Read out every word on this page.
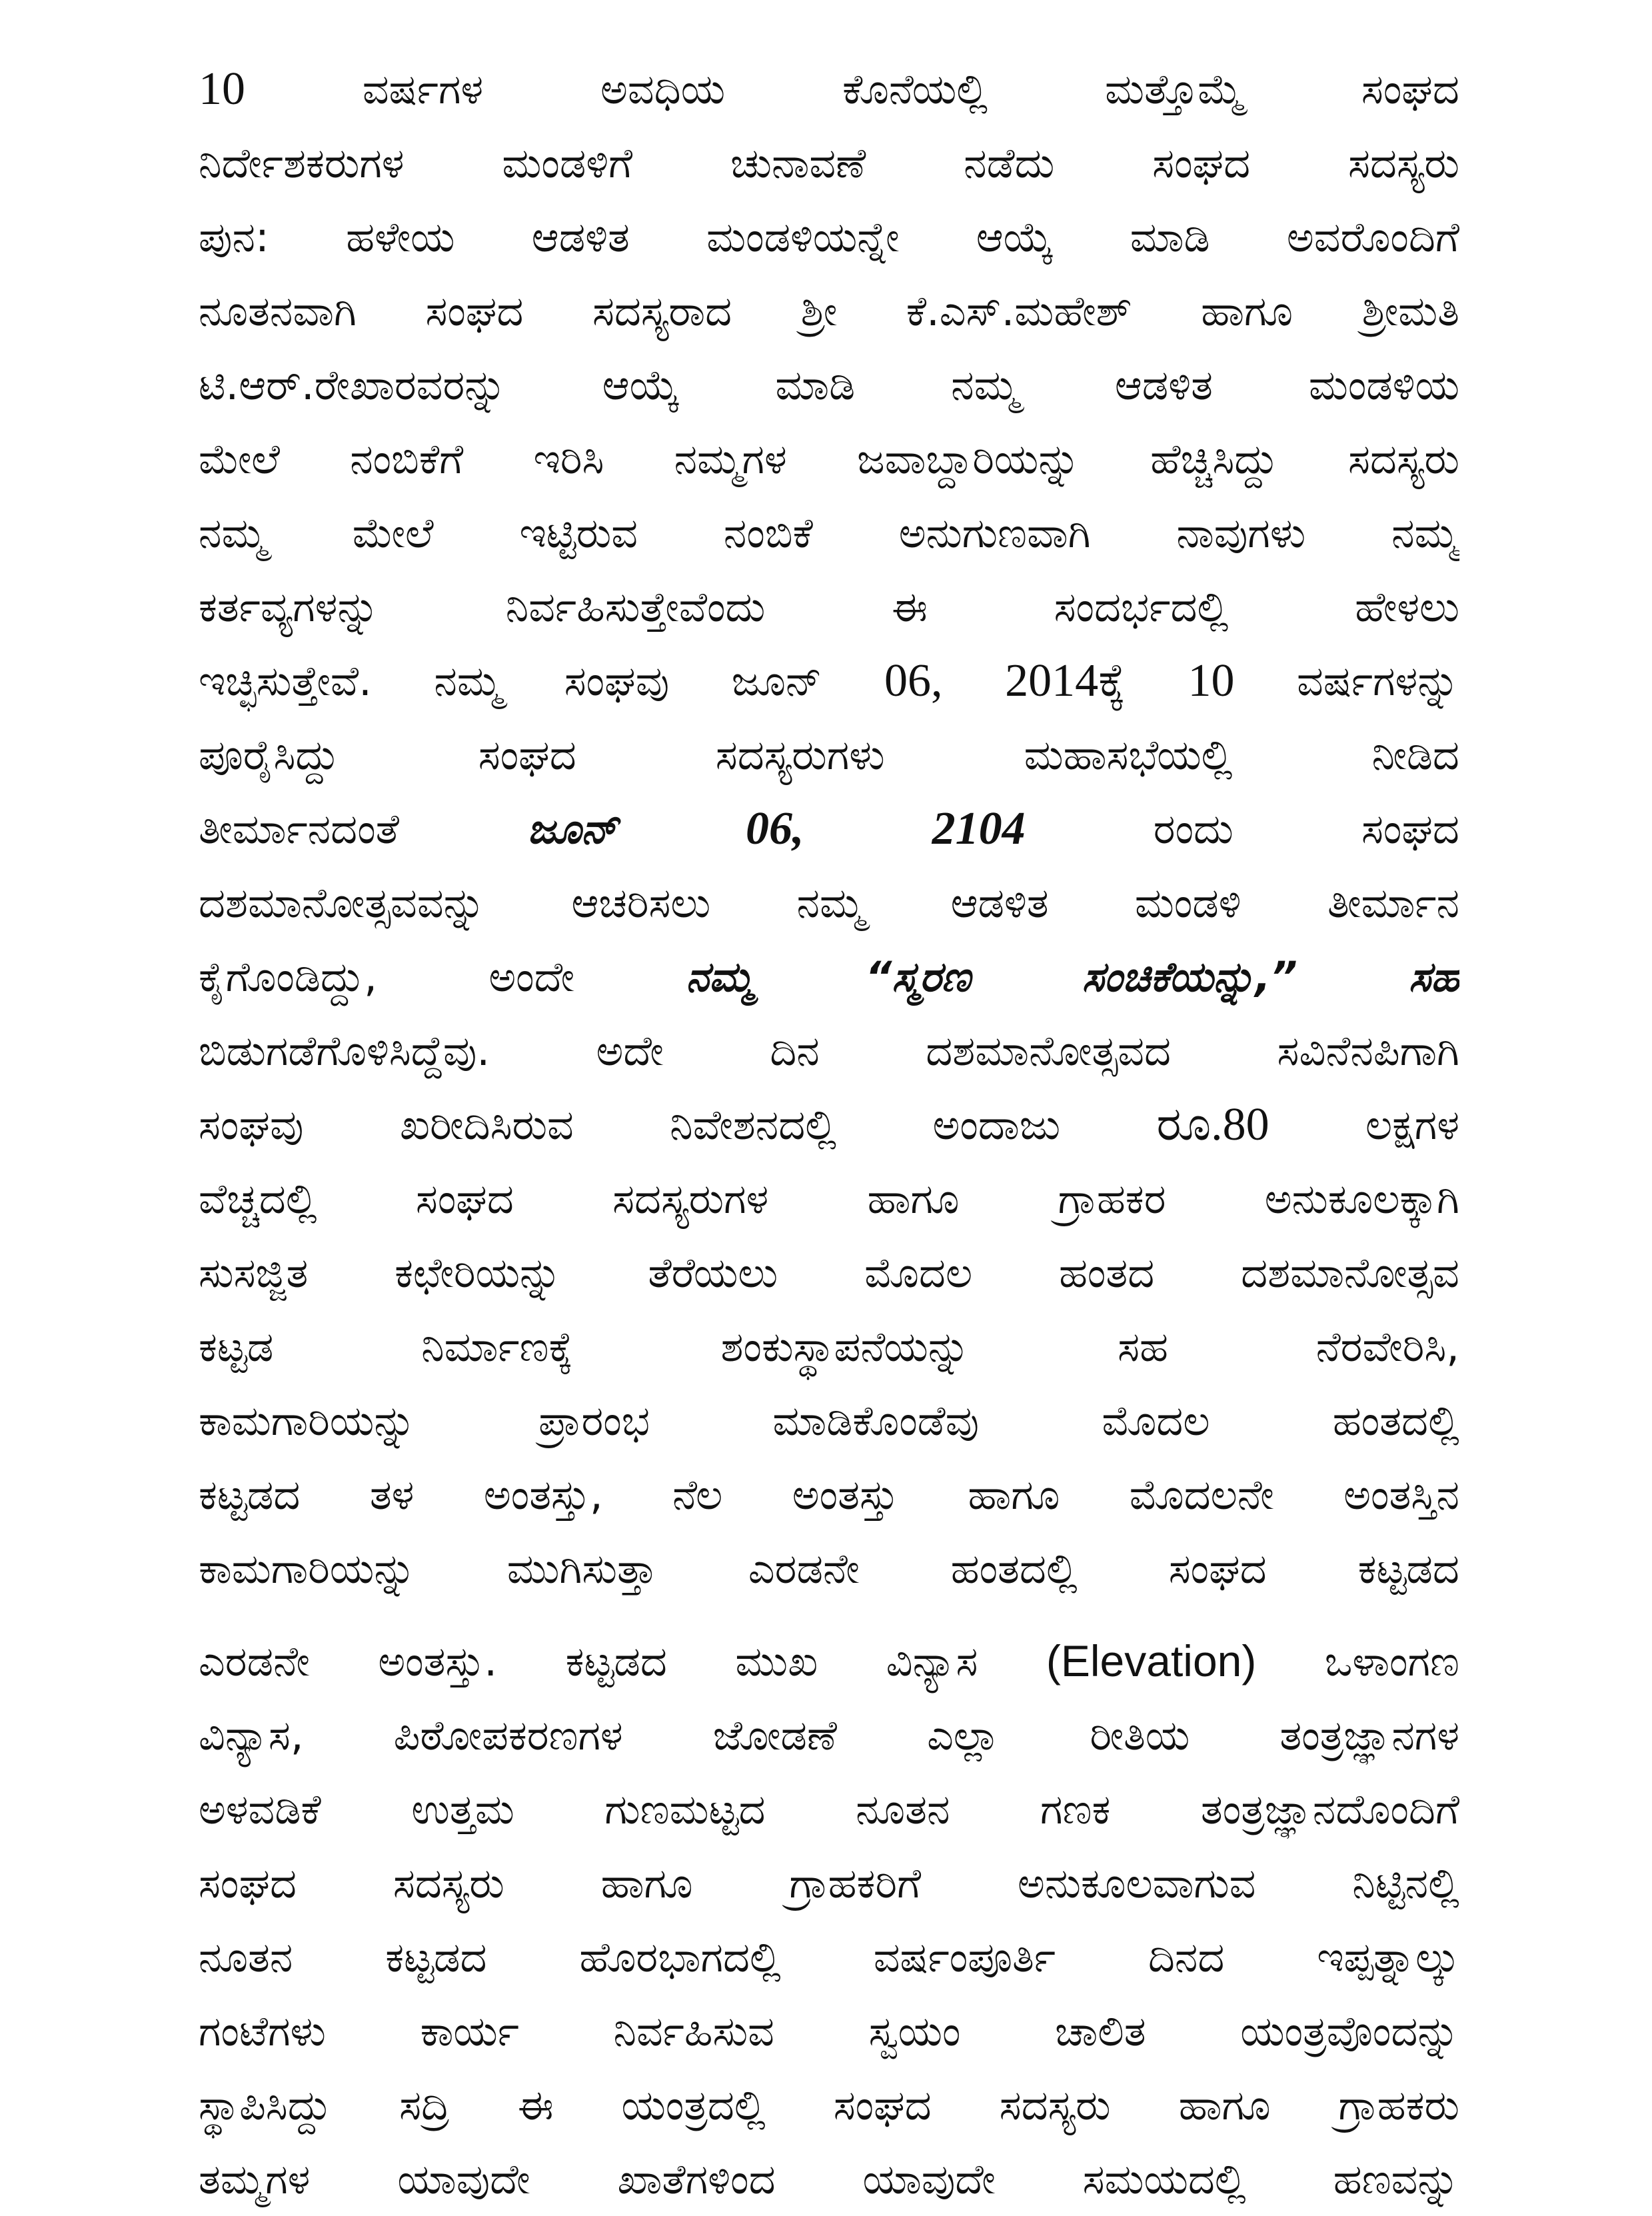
10	ವರ್ಷಗಳ	ಅವಧಿಯ	ಕೊನೆಯಲ್ಲಿ	ಮತ್ತೊಮ್ಮೆ	ಸಂಘದ
ನಿರ್ದೇಶಕರುಗಳ ಮಂಡಳಿಗೆ ಚುನಾವಣೆ ನಡೆದು ಸಂಘದ ಸದಸ್ಯರು
ಪುನ: ಹಳೇಯ ಆಡಳಿತ ಮಂಡಳಿಯನ್ನೇ ಆಯ್ಕೆ ಮಾಡಿ ಅವರೊಂದಿಗೆ
ನೂತನವಾಗಿ ಸಂಘದ ಸದಸ್ಯರಾದ ಶ್ರೀ ಕೆ.ಎಸ್.ಮಹೇಶ್ ಹಾಗೂ ಶ್ರೀಮತಿ
ಟಿ.ಆರ್.ರೇಖಾರವರನ್ನು ಆಯ್ಕೆ ಮಾಡಿ ನಮ್ಮ ಆಡಳಿತ ಮಂಡಳಿಯ
ಮೇಲೆ ನಂಬಿಕೆಗೆ ಇರಿಸಿ ನಮ್ಮಗಳ ಜವಾಬ್ದಾರಿಯನ್ನು ಹೆಚ್ಚಿಸಿದ್ದು ಸದಸ್ಯರು
ನಮ್ಮ ಮೇಲೆ ಇಟ್ಟಿರುವ ನಂಬಿಕೆ ಅನುಗುಣವಾಗಿ ನಾವುಗಳು ನಮ್ಮ
ಕರ್ತವ್ಯಗಳನ್ನು	ನಿರ್ವಹಿಸುತ್ತೇವೆಂದು	ಈ	ಸಂದರ್ಭದಲ್ಲಿ	ಹೇಳಲು
ಇಚ್ಛಿಸುತ್ತೇವೆ. ನಮ್ಮ ಸಂಘವು ಜೂನ್ 06, 2014ಕ್ಕೆ 10 ವರ್ಷಗಳನ್ನು
ಪೂರೈಸಿದ್ದು	ಸಂಘದ	ಸದಸ್ಯರುಗಳು	ಮಹಾಸಭೆಯಲ್ಲಿ	ನೀಡಿದ
ತೀರ್ಮಾನದಂತೆ	ಜೂನ್	06,	2104	ರಂದು	ಸಂಘದ
ದಶಮಾನೋತ್ಸವವನ್ನು ಆಚರಿಸಲು ನಮ್ಮ ಆಡಳಿತ ಮಂಡಳಿ ತೀರ್ಮಾನ
ಕೈಗೊಂಡಿದ್ದು,	ಅಂದೇ	ನಮ್ಮ	“ಸ್ಮರಣ	ಸಂಚಿಕೆಯನ್ನು,”	ಸಹ
ಬಿಡುಗಡೆಗೊಳಿಸಿದ್ದೆವು.	ಅದೇ	ದಿನ	ದಶಮಾನೋತ್ಸವದ	ಸವಿನೆನಪಿಗಾಗಿ
ಸಂಘವು ಖರೀದಿಸಿರುವ ನಿವೇಶನದಲ್ಲಿ ಅಂದಾಜು ರೂ.80 ಲಕ್ಷಗಳ
ವೆಚ್ಚದಲ್ಲಿ ಸಂಘದ ಸದಸ್ಯರುಗಳ ಹಾಗೂ ಗ್ರಾಹಕರ ಅನುಕೂಲಕ್ಕಾಗಿ
ಸುಸಜ್ಜಿತ ಕಛೇರಿಯನ್ನು ತೆರೆಯಲು ಮೊದಲ ಹಂತದ ದಶಮಾನೋತ್ಸವ
ಕಟ್ಟಡ	ನಿರ್ಮಾಣಕ್ಕೆ	ಶಂಕುಸ್ಥಾಪನೆಯನ್ನು	ಸಹ	ನೆರವೇರಿಸಿ,
ಕಾಮಗಾರಿಯನ್ನು	ಪ್ರಾರಂಭ	ಮಾಡಿಕೊಂಡೆವು	ಮೊದಲ	ಹಂತದಲ್ಲಿ
ಕಟ್ಟಡದ ತಳ ಅಂತಸ್ತು, ನೆಲ ಅಂತಸ್ತು ಹಾಗೂ ಮೊದಲನೇ ಅಂತಸ್ತಿನ
ಕಾಮಗಾರಿಯನ್ನು ಮುಗಿಸುತ್ತಾ ಎರಡನೇ ಹಂತದಲ್ಲಿ ಸಂಘದ ಕಟ್ಟಡದ
ಎರಡನೇ ಅಂತಸ್ತು. ಕಟ್ಟಡದ ಮುಖ ವಿನ್ಯಾಸ (Elevation) ಒಳಾಂಗಣ
ವಿನ್ಯಾಸ, ಪಿಠೋಪಕರಣಗಳ ಜೋಡಣೆ ಎಲ್ಲಾ ರೀತಿಯ ತಂತ್ರಜ್ಞಾನಗಳ
ಅಳವಡಿಕೆ ಉತ್ತಮ ಗುಣಮಟ್ಟದ ನೂತನ ಗಣಕ ತಂತ್ರಜ್ಞಾನದೊಂದಿಗೆ
ಸಂಘದ ಸದಸ್ಯರು ಹಾಗೂ ಗ್ರಾಹಕರಿಗೆ ಅನುಕೂಲವಾಗುವ ನಿಟ್ಟಿನಲ್ಲಿ
ನೂತನ ಕಟ್ಟಡದ ಹೊರಭಾಗದಲ್ಲಿ ವರ್ಷಂಪೂರ್ತಿ ದಿನದ ಇಪ್ಪತ್ನಾಲ್ಕು
ಗಂಟೆಗಳು ಕಾರ್ಯ ನಿರ್ವಹಿಸುವ ಸ್ವಯಂ ಚಾಲಿತ ಯಂತ್ರವೊಂದನ್ನು
ಸ್ಥಾಪಿಸಿದ್ದು ಸದ್ರಿ ಈ ಯಂತ್ರದಲ್ಲಿ ಸಂಘದ ಸದಸ್ಯರು ಹಾಗೂ ಗ್ರಾಹಕರು
ತಮ್ಮಗಳ ಯಾವುದೇ ಖಾತೆಗಳಿಂದ ಯಾವುದೇ ಸಮಯದಲ್ಲಿ ಹಣವನ್ನು
